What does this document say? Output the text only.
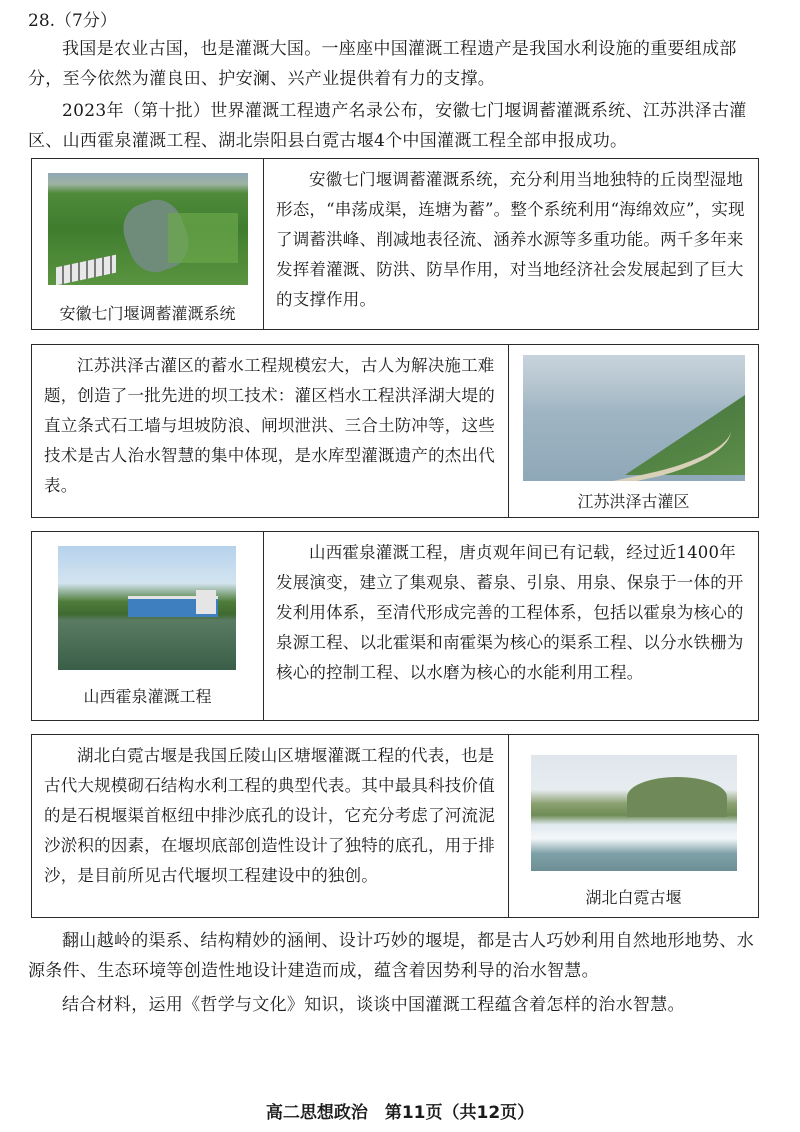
28.（7分）

我国是农业古国，也是灌溉大国。一座座中国灌溉工程遗产是我国水利设施的重要组成部分，至今依然为灌良田、护安澜、兴产业提供着有力的支撑。

2023年（第十批）世界灌溉工程遗产名录公布，安徽七门堰调蓄灌溉系统、江苏洪泽古灌区、山西霍泉灌溉工程、湖北崇阳县白霓古堰4个中国灌溉工程全部申报成功。

安徽七门堰调蓄灌溉系统
安徽七门堰调蓄灌溉系统，充分利用当地独特的丘岗型湿地形态，“串荡成渠，连塘为蓄”。整个系统利用“海绵效应”，实现了调蓄洪峰、削减地表径流、涵养水源等多重功能。两千多年来发挥着灌溉、防洪、防旱作用，对当地经济社会发展起到了巨大的支撑作用。
江苏洪泽古灌区的蓄水工程规模宏大，古人为解决施工难题，创造了一批先进的坝工技术：灌区档水工程洪泽湖大堤的直立条式石工墙与坦坡防浪、闸坝泄洪、三合土防冲等，这些技术是古人治水智慧的集中体现，是水库型灌溉遗产的杰出代表。
江苏洪泽古灌区
山西霍泉灌溉工程
山西霍泉灌溉工程，唐贞观年间已有记载，经过近1400年发展演变，建立了集观泉、蓄泉、引泉、用泉、保泉于一体的开发利用体系，至清代形成完善的工程体系，包括以霍泉为核心的泉源工程、以北霍渠和南霍渠为核心的渠系工程、以分水铁栅为核心的控制工程、以水磨为核心的水能利用工程。
湖北白霓古堰是我国丘陵山区塘堰灌溉工程的代表，也是古代大规模砌石结构水利工程的典型代表。其中最具科技价值的是石梘堰渠首枢纽中排沙底孔的设计，它充分考虑了河流泥沙淤积的因素，在堰坝底部创造性设计了独特的底孔，用于排沙，是目前所见古代堰坝工程建设中的独创。
湖北白霓古堰

翻山越岭的渠系、结构精妙的涵闸、设计巧妙的堰堤，都是古人巧妙利用自然地形地势、水源条件、生态环境等创造性地设计建造而成，蕴含着因势利导的治水智慧。

结合材料，运用《哲学与文化》知识，谈谈中国灌溉工程蕴含着怎样的治水智慧。

高二思想政治　第11页（共12页）
